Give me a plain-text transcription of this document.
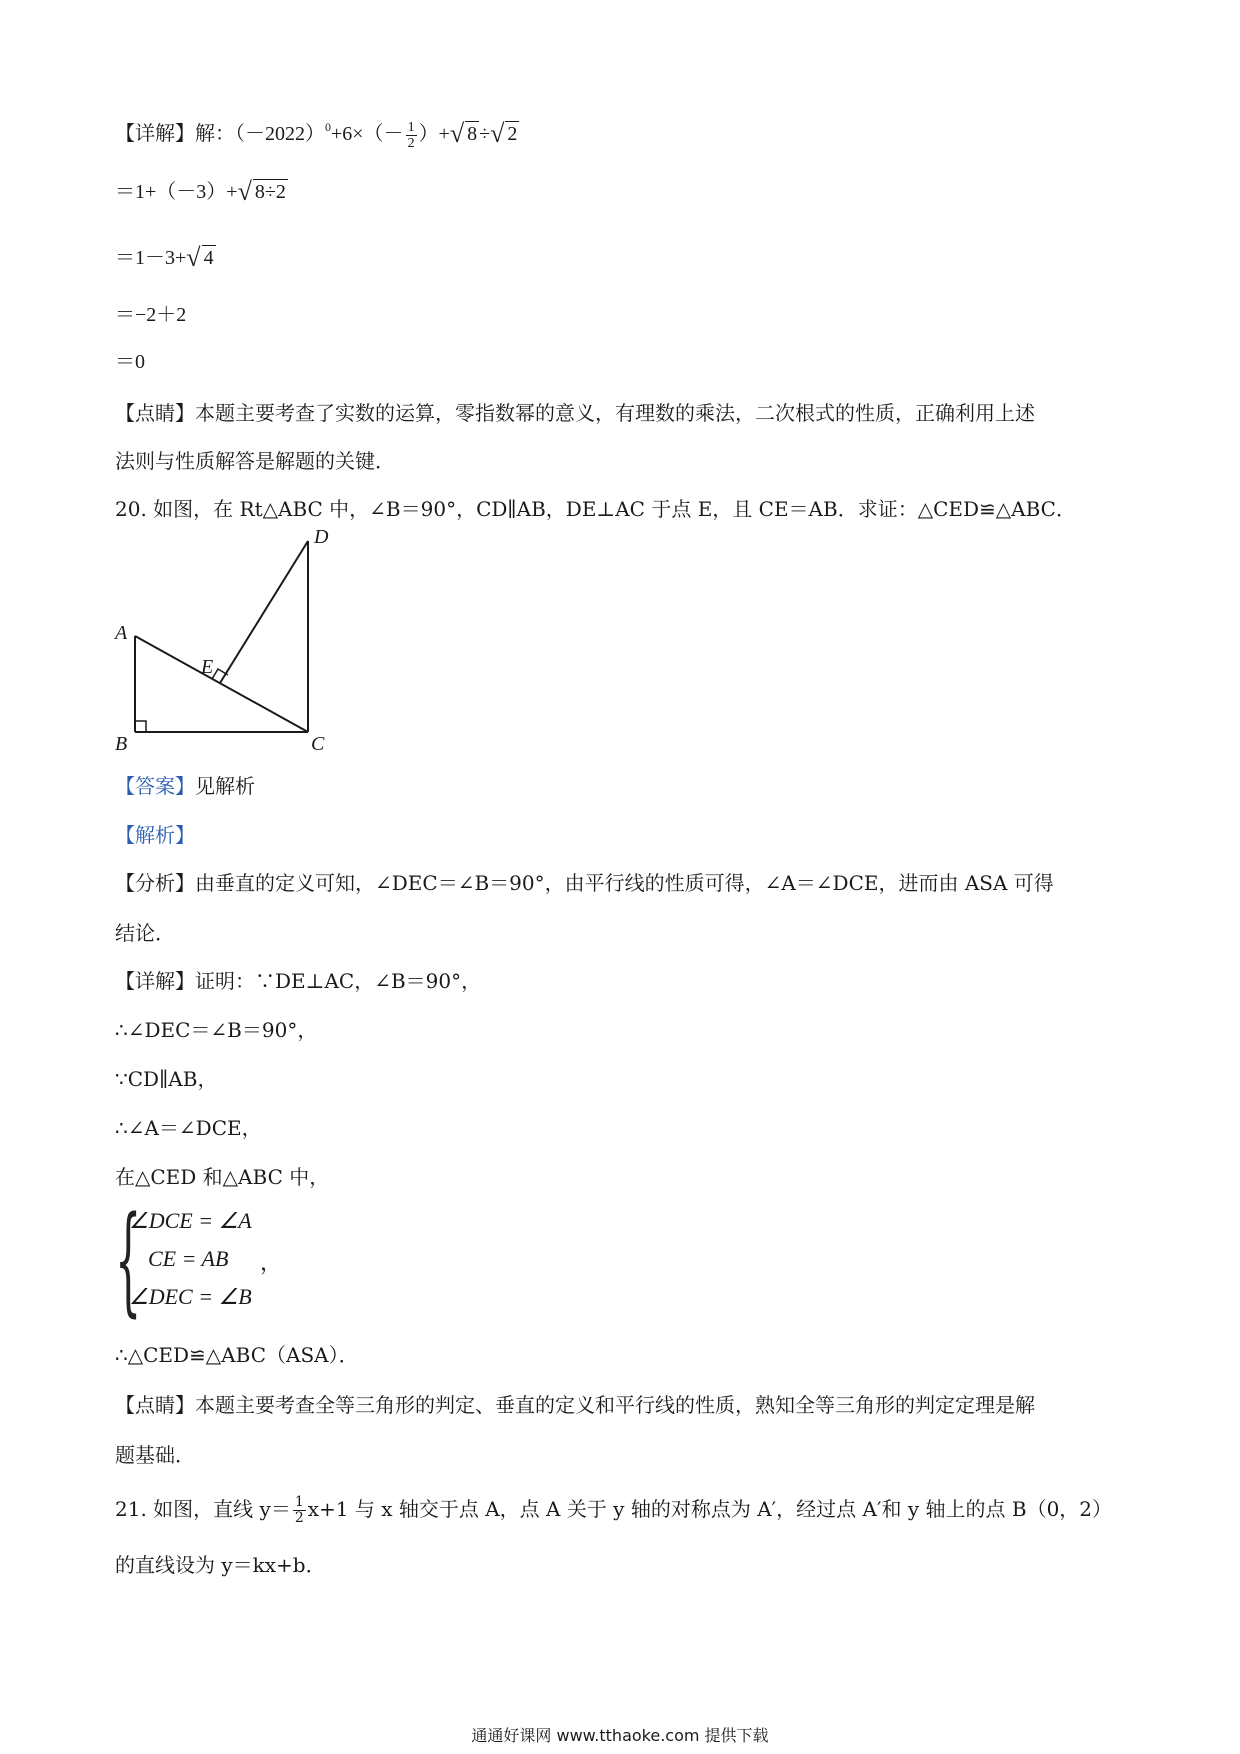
【详解】解：$(-2022)^0+6\times(- \frac{1}{2}$ ）+√ 8 ÷√ 2
＝1+（－3）+√ 8÷2
＝1－3+√ 4
＝−2＋2
＝0
【点睛】本题主要考查了实数的运算，零指数幂的意义，有理数的乘法，二次根式的性质，正确利用上述
法则与性质解答是解题的关键．
20. 如图，在 Rt△ABC 中，∠B＝90°，CD∥AB，DE⊥AC 于点 E，且 CE＝AB．求证：△CED≌△ABC．
D
A
E
B	C
【答案】见解析
【解析】
【分析】由垂直的定义可知，∠DEC＝∠B＝90°，由平行线的性质可得，∠A＝∠DCE，进而由 ASA 可得
结论．
【详解】证明：∵DE⊥AC，∠B＝90°，
∴∠DEC＝∠B＝90°，
∵CD∥AB，
∴∠A＝∠DCE，
在△CED 和△ABC 中，
{
∠DCE = ∠A
CE = AB ，
∠DEC = ∠B
∴△CED≌△ABC（ASA）．
【点睛】本题主要考查全等三角形的判定、垂直的定义和平行线的性质，熟知全等三角形的判定定理是解
题基础．
21. 如图，直线 $y= \frac{1}{2} x+1$ 与 x 轴交于点 A，点 A 关于 y 轴的对称点为 A′，经过点 A′和 y 轴上的点 B（0，2）
的直线设为 y＝kx+b．
通通好课网 www.tthaoke.com 提供下载
